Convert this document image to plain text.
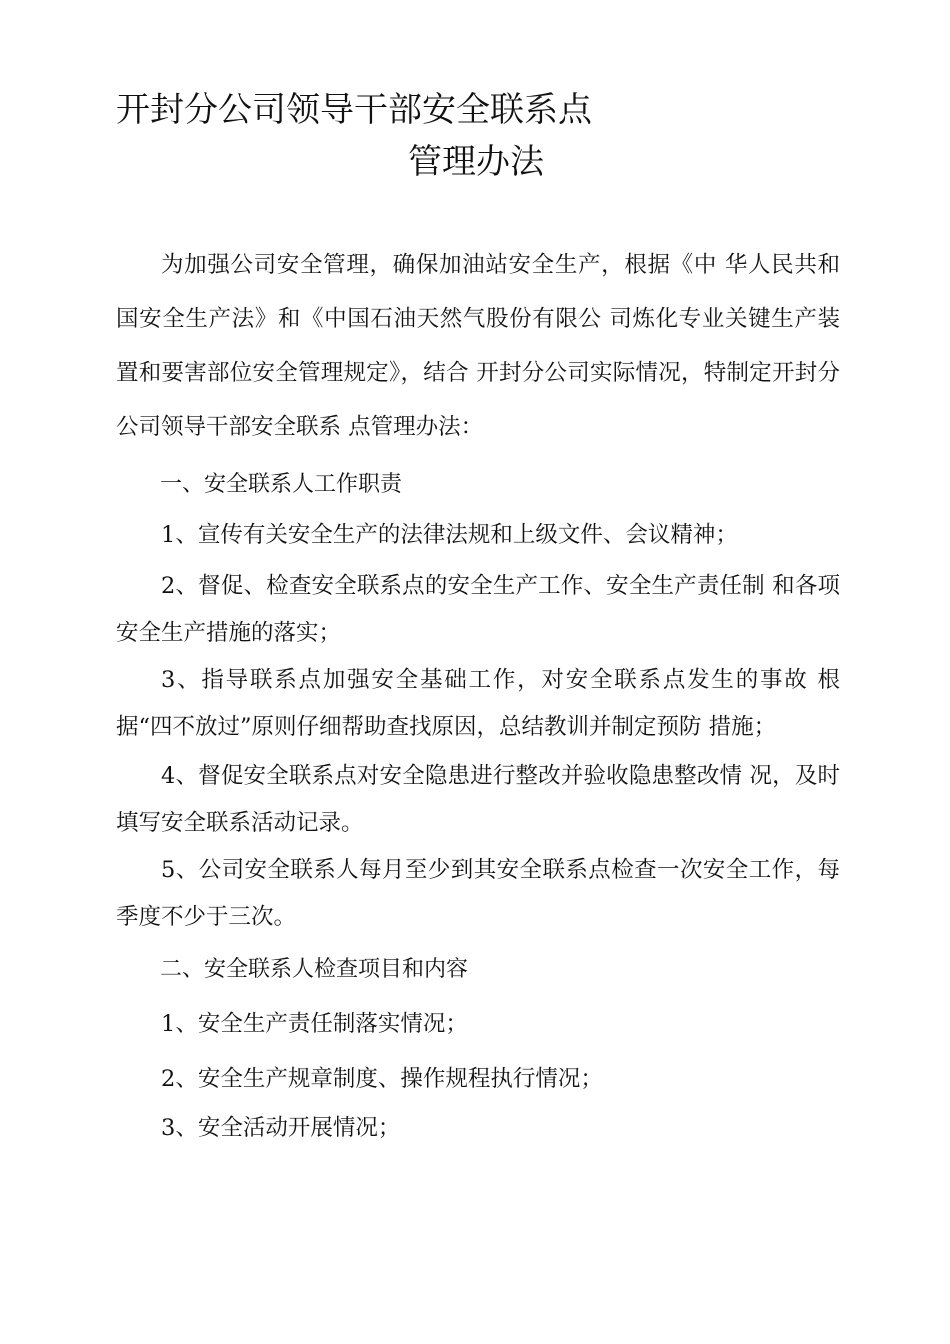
开封分公司领导干部安全联系点
管理办法

为加强公司安全管理，确保加油站安全生产，根据《中 华人民共和国安全生产法》和《中国石油天然气股份有限公 司炼化专业关键生产装置和要害部位安全管理规定》，结合 开封分公司实际情况，特制定开封分公司领导干部安全联系 点管理办法：

一、安全联系人工作职责

1、宣传有关安全生产的法律法规和上级文件、会议精神；

2、督促、检查安全联系点的安全生产工作、安全生产责任制 和各项安全生产措施的落实；

3、指导联系点加强安全基础工作，对安全联系点发生的事故 根据“四不放过”原则仔细帮助查找原因，总结教训并制定预防 措施；

4、督促安全联系点对安全隐患进行整改并验收隐患整改情 况，及时填写安全联系活动记录。

5、公司安全联系人每月至少到其安全联系点检查一次安全工作，每季度不少于三次。

二、安全联系人检查项目和内容

1、安全生产责任制落实情况；

2、安全生产规章制度、操作规程执行情况；

3、安全活动开展情况；
